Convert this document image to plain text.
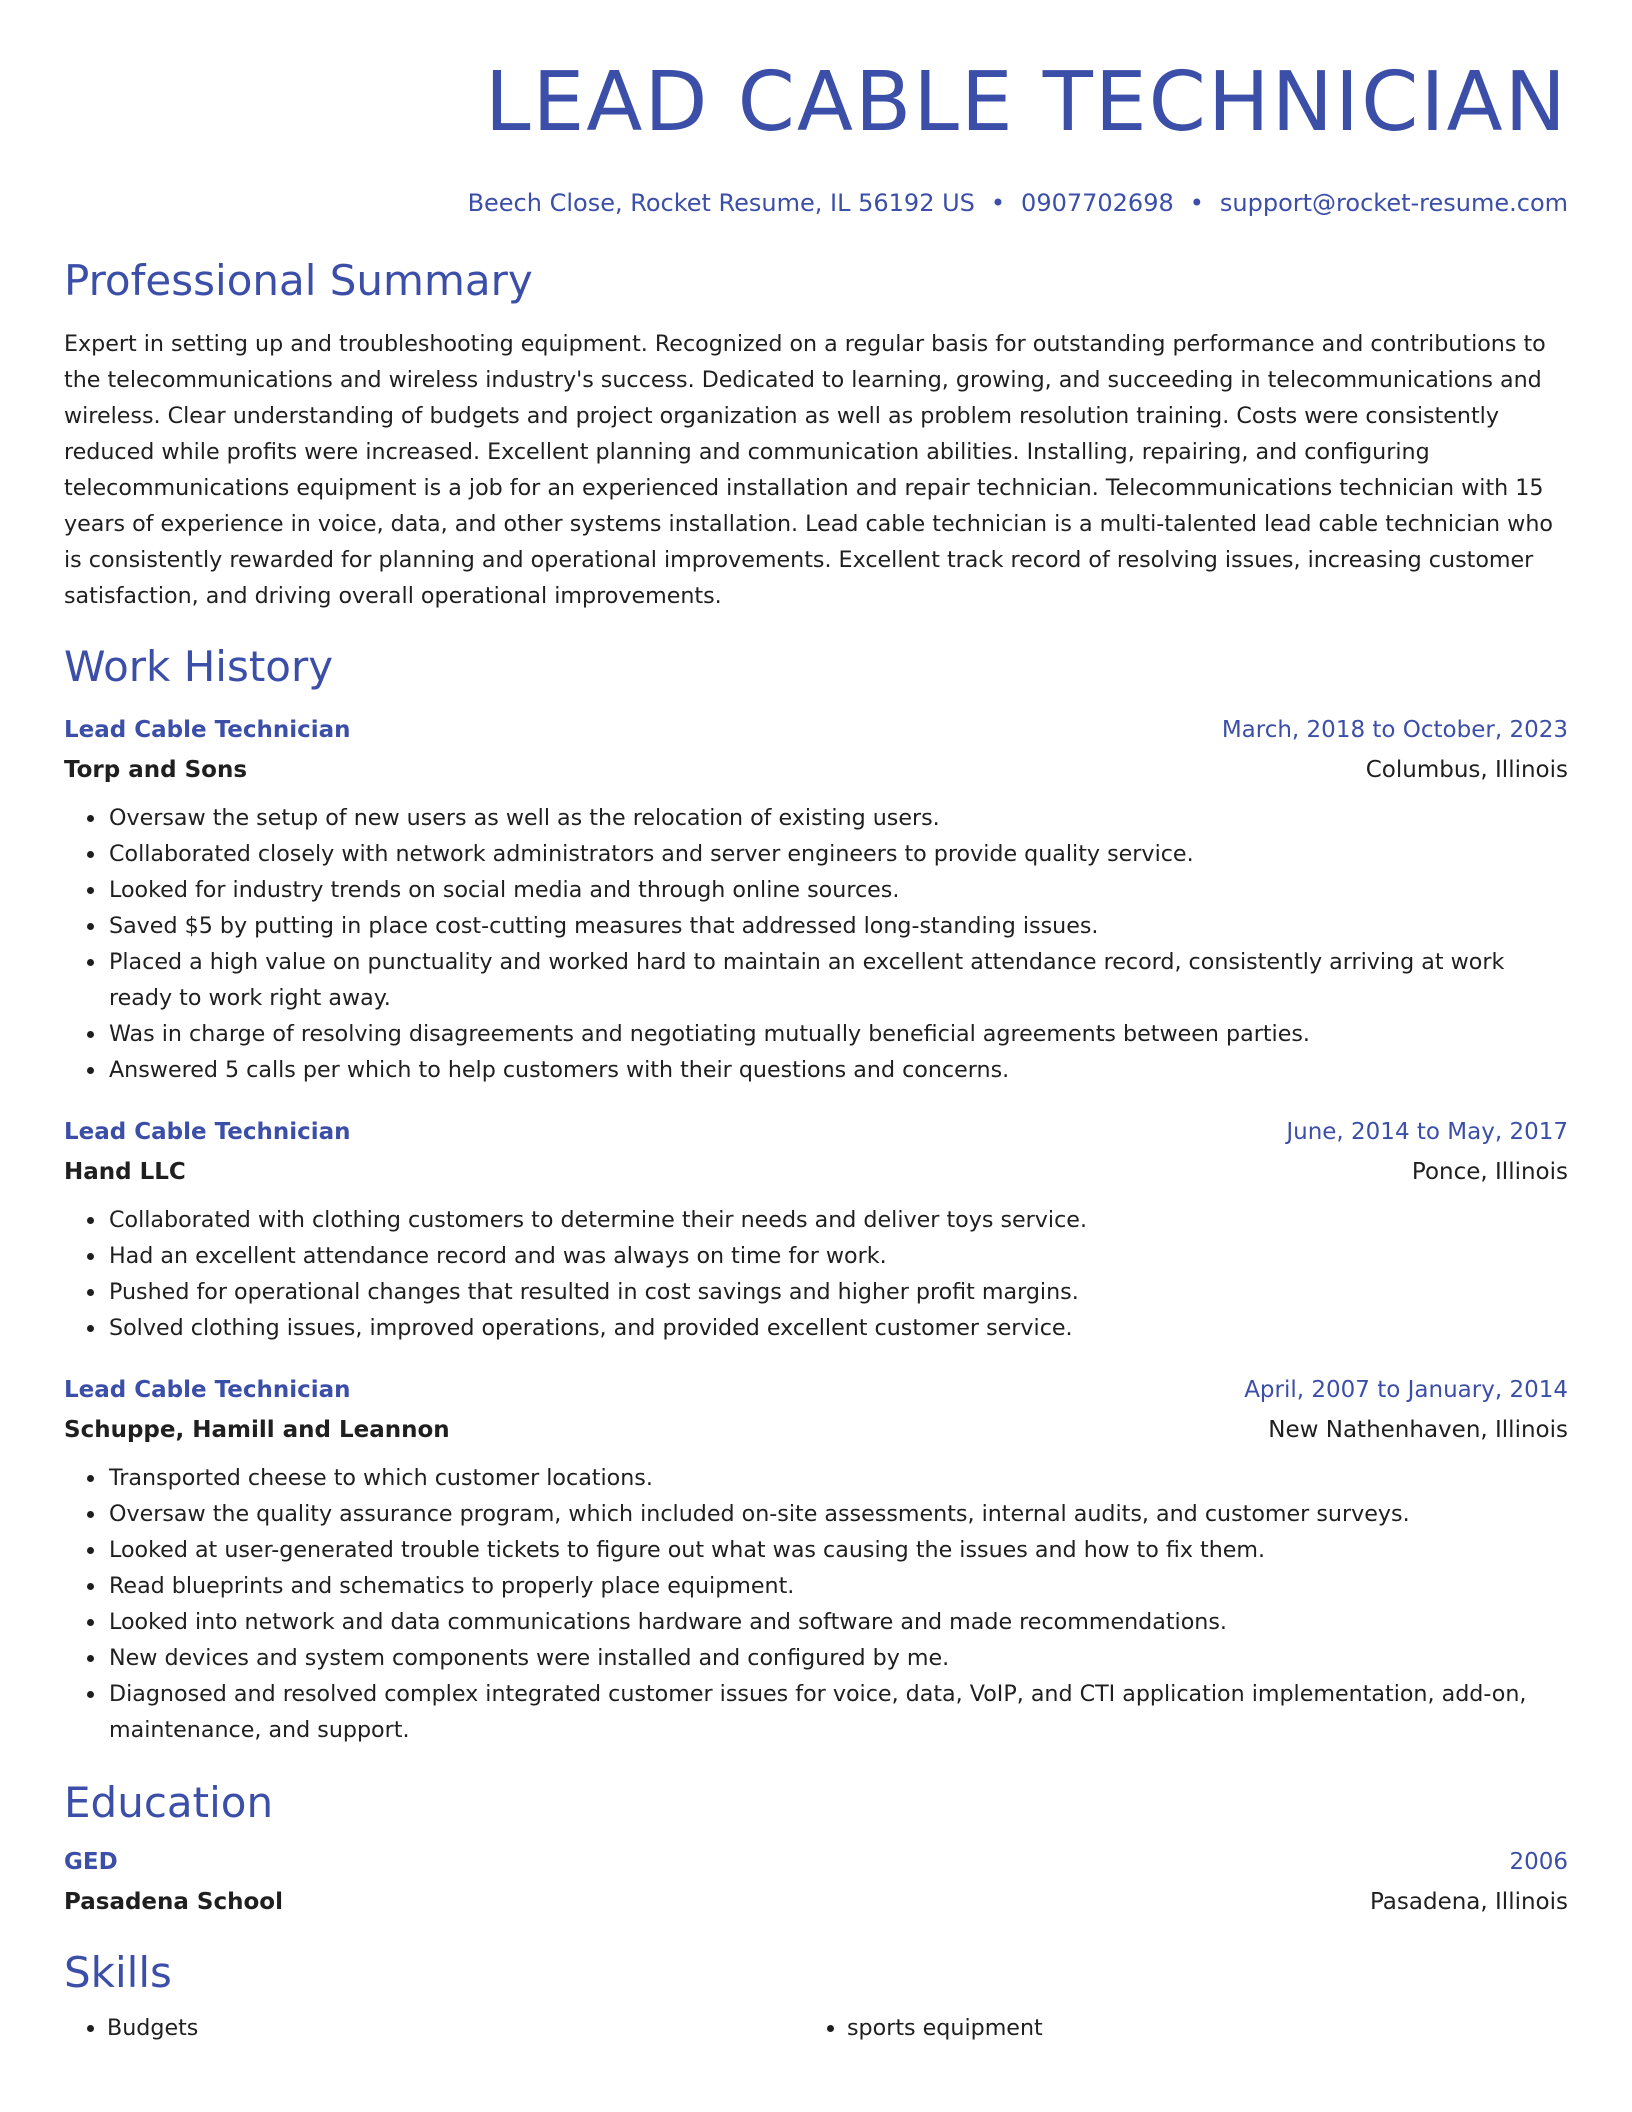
LEAD CABLE TECHNICIAN
Beech Close, Rocket Resume, IL 56192 US • 0907702698 • support@rocket-resume.com
Professional Summary
Expert in setting up and troubleshooting equipment. Recognized on a regular basis for outstanding performance and contributions to the telecommunications and wireless industry's success. Dedicated to learning, growing, and succeeding in telecommunications and wireless. Clear understanding of budgets and project organization as well as problem resolution training. Costs were consistently reduced while profits were increased. Excellent planning and communication abilities. Installing, repairing, and configuring telecommunications equipment is a job for an experienced installation and repair technician. Telecommunications technician with 15 years of experience in voice, data, and other systems installation. Lead cable technician is a multi-talented lead cable technician who is consistently rewarded for planning and operational improvements. Excellent track record of resolving issues, increasing customer satisfaction, and driving overall operational improvements.
Work History
Lead Cable Technician	March, 2018 to October, 2023
Torp and Sons	Columbus, Illinois
• Oversaw the setup of new users as well as the relocation of existing users.
• Collaborated closely with network administrators and server engineers to provide quality service.
• Looked for industry trends on social media and through online sources.
• Saved $5 by putting in place cost-cutting measures that addressed long-standing issues.
• Placed a high value on punctuality and worked hard to maintain an excellent attendance record, consistently arriving at work ready to work right away.
• Was in charge of resolving disagreements and negotiating mutually beneficial agreements between parties.
• Answered 5 calls per which to help customers with their questions and concerns.
Lead Cable Technician	June, 2014 to May, 2017
Hand LLC	Ponce, Illinois
• Collaborated with clothing customers to determine their needs and deliver toys service.
• Had an excellent attendance record and was always on time for work.
• Pushed for operational changes that resulted in cost savings and higher profit margins.
• Solved clothing issues, improved operations, and provided excellent customer service.
Lead Cable Technician	April, 2007 to January, 2014
Schuppe, Hamill and Leannon	New Nathenhaven, Illinois
• Transported cheese to which customer locations.
• Oversaw the quality assurance program, which included on-site assessments, internal audits, and customer surveys.
• Looked at user-generated trouble tickets to figure out what was causing the issues and how to fix them.
• Read blueprints and schematics to properly place equipment.
• Looked into network and data communications hardware and software and made recommendations.
• New devices and system components were installed and configured by me.
• Diagnosed and resolved complex integrated customer issues for voice, data, VoIP, and CTI application implementation, add-on, maintenance, and support.
Education
GED	2006
Pasadena School	Pasadena, Illinois
Skills
• Budgets
•	sports equipment
